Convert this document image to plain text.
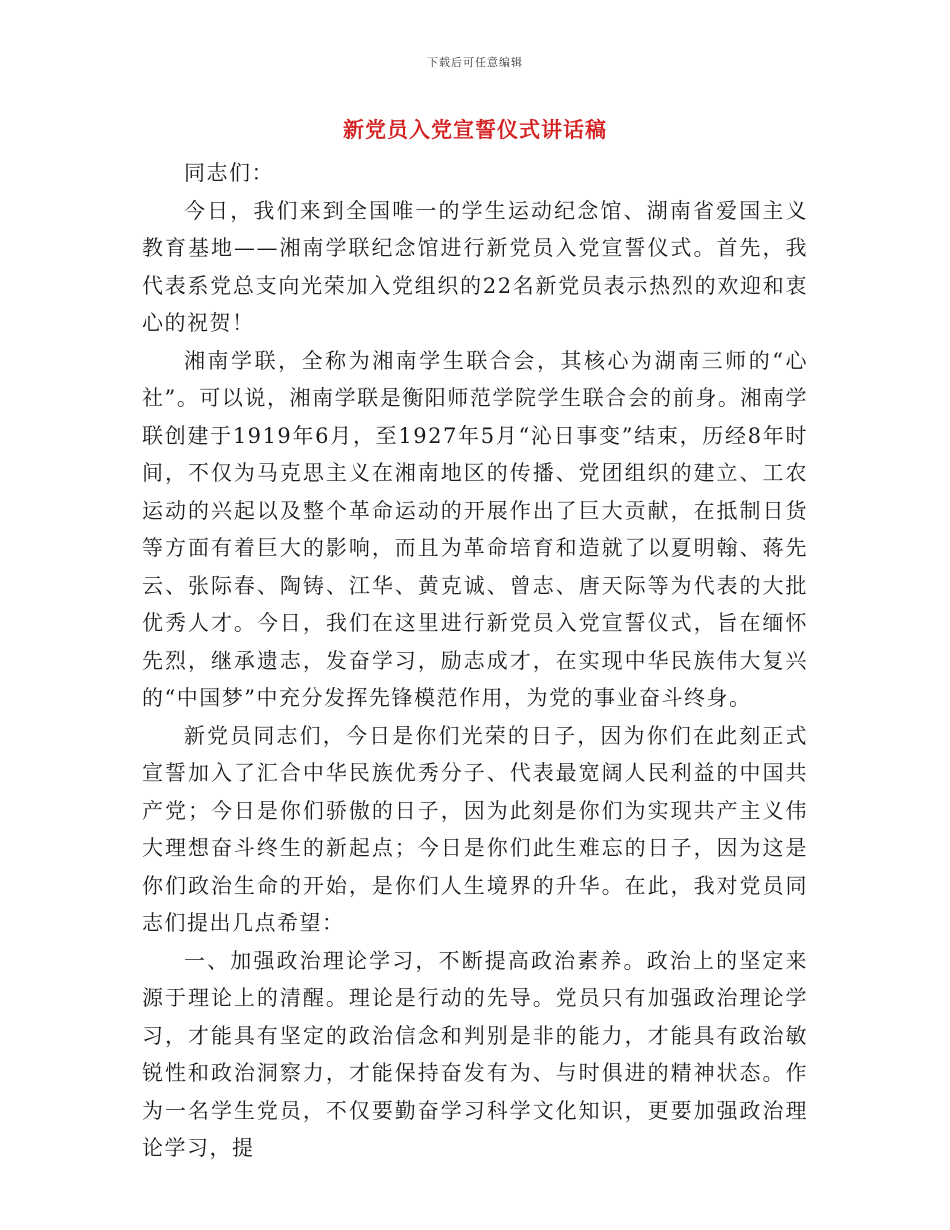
下载后可任意编辑
新党员入党宣誓仪式讲话稿

同志们：

今日，我们来到全国唯一的学生运动纪念馆、湖南省爱国主义教育基地——湘南学联纪念馆进行新党员入党宣誓仪式。首先，我代表系党总支向光荣加入党组织的22名新党员表示热烈的欢迎和衷心的祝贺！

湘南学联，全称为湘南学生联合会，其核心为湖南三师的“心社”。可以说，湘南学联是衡阳师范学院学生联合会的前身。湘南学联创建于1919年6月，至1927年5月“沁日事变”结束，历经8年时间，不仅为马克思主义在湘南地区的传播、党团组织的建立、工农运动的兴起以及整个革命运动的开展作出了巨大贡献，在抵制日货等方面有着巨大的影响，而且为革命培育和造就了以夏明翰、蒋先云、张际春、陶铸、江华、黄克诚、曾志、唐天际等为代表的大批优秀人才。今日，我们在这里进行新党员入党宣誓仪式，旨在缅怀先烈，继承遗志，发奋学习，励志成才，在实现中华民族伟大复兴的“中国梦”中充分发挥先锋模范作用，为党的事业奋斗终身。

新党员同志们，今日是你们光荣的日子，因为你们在此刻正式宣誓加入了汇合中华民族优秀分子、代表最宽阔人民利益的中国共产党；今日是你们骄傲的日子，因为此刻是你们为实现共产主义伟大理想奋斗终生的新起点；今日是你们此生难忘的日子，因为这是你们政治生命的开始，是你们人生境界的升华。在此，我对党员同志们提出几点希望：

一、加强政治理论学习，不断提高政治素养。政治上的坚定来源于理论上的清醒。理论是行动的先导。党员只有加强政治理论学习，才能具有坚定的政治信念和判别是非的能力，才能具有政治敏锐性和政治洞察力，才能保持奋发有为、与时俱进的精神状态。作为一名学生党员，不仅要勤奋学习科学文化知识，更要加强政治理论学习，提
